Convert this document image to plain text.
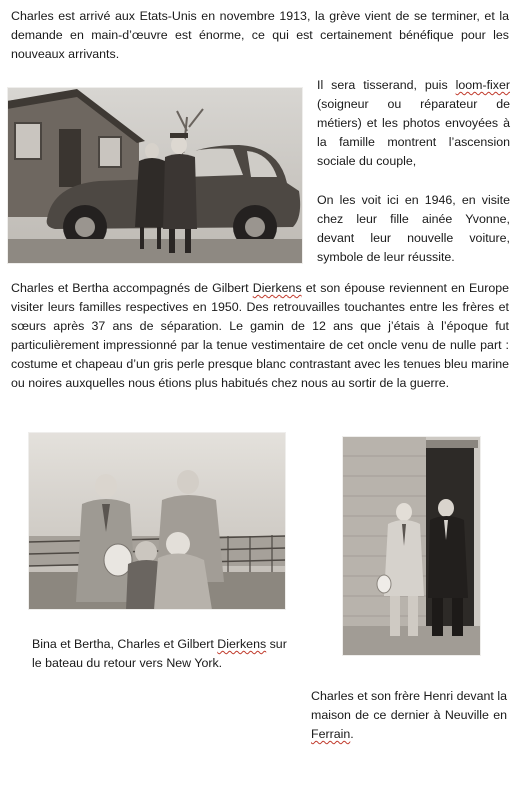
Charles est arrivé aux Etats-Unis en novembre 1913, la grève vient de se terminer, et la demande en main-d’œuvre est énorme, ce qui est certainement bénéfique pour les nouveaux arrivants.

Il sera tisserand, puis loom-fixer (soigneur ou réparateur de métiers) et les photos envoyées à la famille montrent l’ascension sociale du couple,

On les voit ici en 1946, en visite chez leur fille ainée Yvonne, devant leur nouvelle voiture, symbole de leur réussite.

Charles et Bertha accompagnés de Gilbert Dierkens et son épouse reviennent en Europe visiter leurs familles respectives en 1950. Des retrouvailles touchantes entre les frères et sœurs après 37 ans de séparation. Le gamin de 12 ans que j’étais à l’époque fut particulièrement impressionné par la tenue vestimentaire de cet oncle venu de nulle part : costume et chapeau d’un gris perle presque blanc contrastant avec les tenues bleu marine ou noires auxquelles nous étions plus habitués chez nous au sortir de la guerre.

Bina et Bertha, Charles et Gilbert Dierkens sur le bateau du retour vers New York.

Charles et son frère Henri devant la maison de ce dernier à Neuville en Ferrain.
